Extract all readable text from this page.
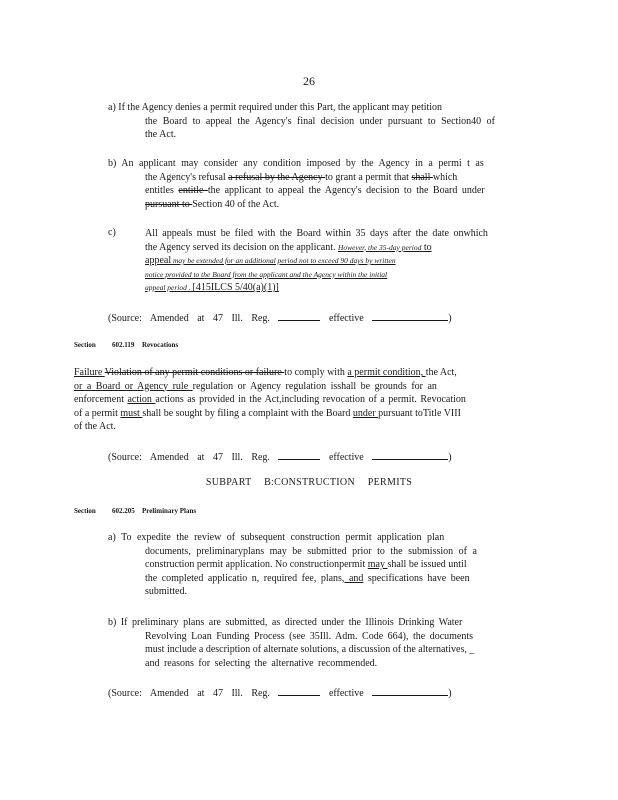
26
a) If the Agency denies a permit required under this Part, the applicant may petition
the Board to appeal the Agency's final decision under pursuant to Section40 of
the Act.
b) An applicant may consider any condition imposed by the Agency in a permi t as
the Agency's refusal a refusal by the Agency to grant a permit that shall which
entitles entitle the applicant to appeal the Agency's decision to the Board under
pursuant to Section 40 of the Act.
c)	All appeals must be filed with the Board within 35 days after the date onwhich
the Agency served its decision on the applicant. However, the 35-day period to
appeal may be extended for an additional period not to exceed 90 days by written
notice provided to the Board from the applicant and the Agency within the initial
appeal period . [415ILCS 5/40(a)(1)]
(Source: Amended at 47 Ill. Reg.	effective	)
Section 602.119 Revocations
Failure Violation of any permit conditions or failure to comply with a permit condition, the Act,
or a Board or Agency rule regulation or Agency regulation isshall be grounds for an
enforcement action actions as provided in the Act,including revocation of a permit. Revocation
of a permit must shall be sought by filing a complaint with the Board under pursuant toTitle VIII
of the Act.
(Source: Amended at 47 Ill. Reg.	effective	)
SUBPART B:CONSTRUCTION PERMITS
Section 602.205 Preliminary Plans
a) To expedite the review of subsequent construction permit application plan
documents, preliminaryplans may be submitted prior to the submission of a
construction permit application. No constructionpermit may shall be issued until
the completed applicatio n, required fee, plans, and specifications have been
submitted.
b) If preliminary plans are submitted, as directed under the Illinois Drinking Water
Revolving Loan Funding Process (see 35Ill. Adm. Code 664), the documents
must include a description of alternate solutions, a discussion of the alternatives, _
and reasons for selecting the alternative recommended.
(Source: Amended at 47 Ill. Reg.	effective	)
